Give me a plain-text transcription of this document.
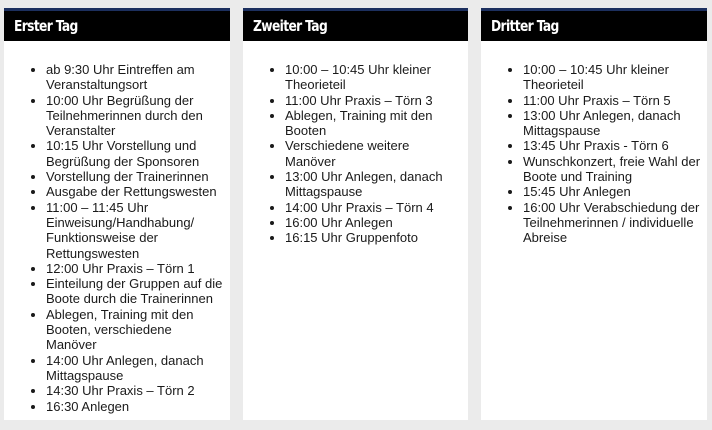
Erster Tag
• ab 9:30 Uhr Eintreffen am Veranstaltungsort
• 10:00 Uhr Begrüßung der Teilnehmerinnen durch den Veranstalter
• 10:15 Uhr Vorstellung und Begrüßung der Sponsoren
• Vorstellung der Trainerinnen
• Ausgabe der Rettungswesten
• 11:00 – 11:45 Uhr Einweisung/Handhabung/ Funktionsweise der Rettungswesten
• 12:00 Uhr Praxis – Törn 1
• Einteilung der Gruppen auf die Boote durch die Trainerinnen
• Ablegen, Training mit den Booten, verschiedene Manöver
• 14:00 Uhr Anlegen, danach Mittagspause
• 14:30 Uhr Praxis – Törn 2
• 16:30 Anlegen
Zweiter Tag
• 10:00 – 10:45 Uhr kleiner Theorieteil
• 11:00 Uhr Praxis – Törn 3
• Ablegen, Training mit den Booten
• Verschiedene weitere Manöver
• 13:00 Uhr Anlegen, danach Mittagspause
• 14:00 Uhr Praxis – Törn 4
• 16:00 Uhr Anlegen
• 16:15 Uhr Gruppenfoto
Dritter Tag
• 10:00 – 10:45 Uhr kleiner Theorieteil
• 11:00 Uhr Praxis – Törn 5
• 13:00 Uhr Anlegen, danach Mittagspause
• 13:45 Uhr Praxis - Törn 6
• Wunschkonzert, freie Wahl der Boote und Training
• 15:45 Uhr Anlegen
• 16:00 Uhr Verabschiedung der Teilnehmerinnen / individuelle Abreise
